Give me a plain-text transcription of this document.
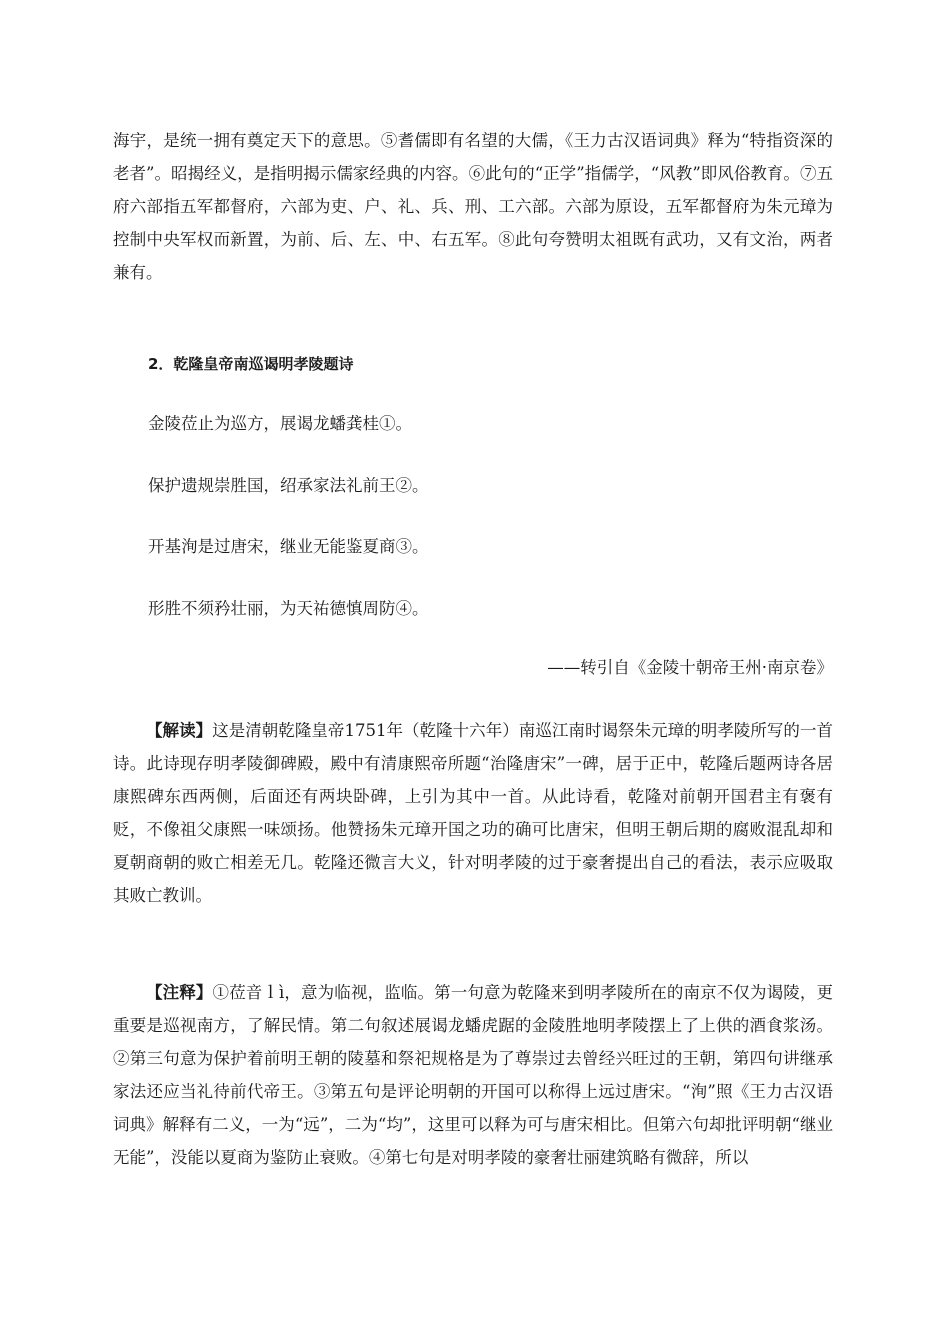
海宇，是统一拥有奠定天下的意思。⑤耆儒即有名望的大儒，《王力古汉语词典》释为“特指资深的老者”。昭揭经义，是指明揭示儒家经典的内容。⑥此句的“正学”指儒学，“风教”即风俗教育。⑦五府六部指五军都督府，六部为吏、户、礼、兵、刑、工六部。六部为原设，五军都督府为朱元璋为控制中央军权而新置，为前、后、左、中、右五军。⑧此句夸赞明太祖既有武功，又有文治，两者兼有。

2．乾隆皇帝南巡谒明孝陵题诗

金陵莅止为巡方，展谒龙蟠龚桂①。

保护遗规崇胜国，绍承家法礼前王②。

开基洵是过唐宋，继业无能鉴夏商③。

形胜不须矜壮丽，为天祐德慎周防④。

——转引自《金陵十朝帝王州·南京卷》

【解读】这是清朝乾隆皇帝1751年（乾隆十六年）南巡江南时谒祭朱元璋的明孝陵所写的一首诗。此诗现存明孝陵御碑殿，殿中有清康熙帝所题“治隆唐宋”一碑，居于正中，乾隆后题两诗各居康熙碑东西两侧，后面还有两块卧碑，上引为其中一首。从此诗看，乾隆对前朝开国君主有褒有贬，不像祖父康熙一味颂扬。他赞扬朱元璋开国之功的确可比唐宋，但明王朝后期的腐败混乱却和夏朝商朝的败亡相差无几。乾隆还微言大义，针对明孝陵的过于豪奢提出自己的看法，表示应吸取其败亡教训。

【注释】①莅音ｌì，意为临视，监临。第一句意为乾隆来到明孝陵所在的南京不仅为谒陵，更重要是巡视南方，了解民情。第二句叙述展谒龙蟠虎踞的金陵胜地明孝陵摆上了上供的酒食浆汤。②第三句意为保护着前明王朝的陵墓和祭祀规格是为了尊崇过去曾经兴旺过的王朝，第四句讲继承家法还应当礼待前代帝王。③第五句是评论明朝的开国可以称得上远过唐宋。“洵”照《王力古汉语词典》解释有二义，一为“远”，二为“均”，这里可以释为可与唐宋相比。但第六句却批评明朝“继业无能”，没能以夏商为鉴防止衰败。④第七句是对明孝陵的豪奢壮丽建筑略有微辞，所以
